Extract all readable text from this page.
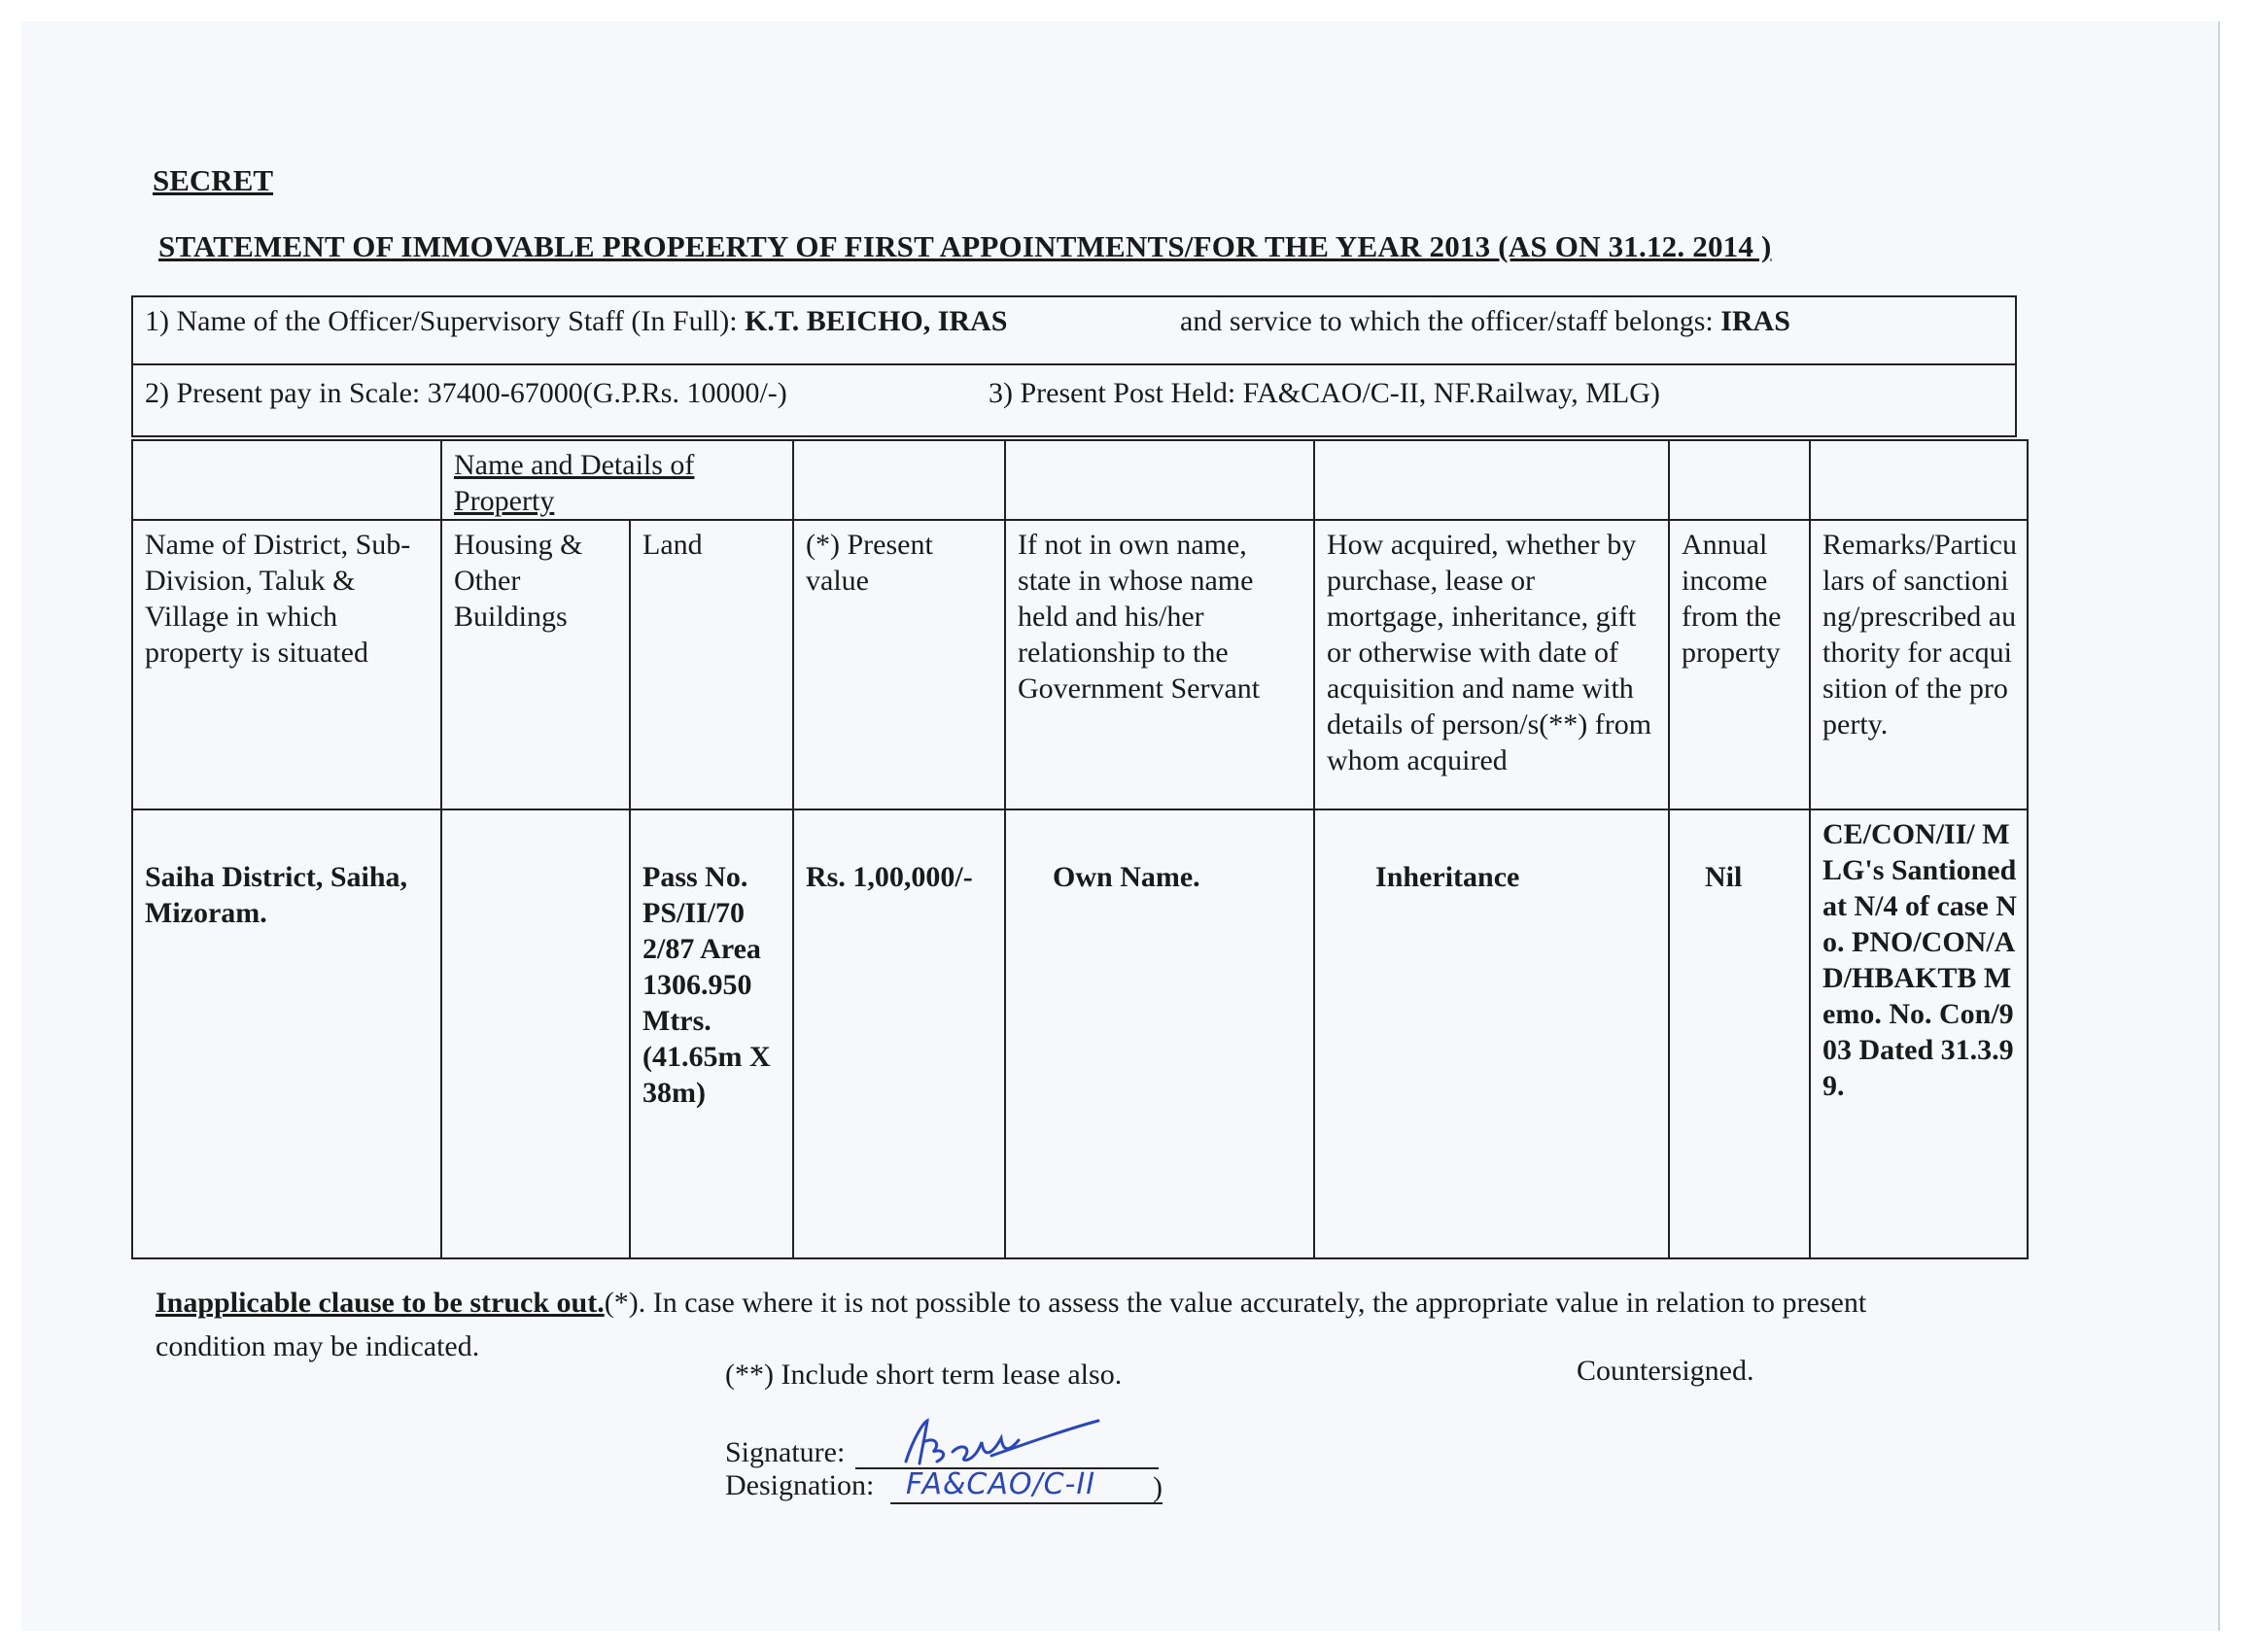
SECRET
STATEMENT OF IMMOVABLE PROPEERTY OF FIRST APPOINTMENTS/FOR THE YEAR 2013 (AS ON 31.12. 2014 )
1) Name of the Officer/Supervisory Staff (In Full): K.T. BEICHO, IRAS	and service to which the officer/staff belongs: IRAS
2) Present pay in Scale: 37400-67000(G.P.Rs. 10000/-)	3) Present Post Held: FA&CAO/C-II, NF.Railway, MLG)
	Name and Details of Property						
Name of District, Sub- Division, Taluk & Village in which property is situated	Housing & Other Buildings	Land	(*) Present value	If not in own name, state in whose name held and his/her relationship to the Government Servant	How acquired, whether by purchase, lease or mortgage, inheritance, gift or otherwise with date of acquisition and name with details of person/s(**) from whom acquired	Annual income from the property	Remarks/Particulars of sanctioning/prescribed authority for acquisition of the property.
Saiha District, Saiha, Mizoram.		Pass No. PS/II/70 2/87 Area 1306.950 Mtrs. (41.65m X 38m)	Rs. 1,00,000/-	Own Name.	Inheritance	Nil	CE/CON/II/ MLG's Santioned at N/4 of case No. PNO/CON/AD/HBAKTB Memo. No. Con/903 Dated 31.3.99.
Inapplicable clause to be struck out.(*). In case where it is not possible to assess the value accurately, the appropriate value in relation to present condition may be indicated.
(**) Include short term lease also.	Countersigned.
Signature:
Designation: FA&CAO/C-II )
